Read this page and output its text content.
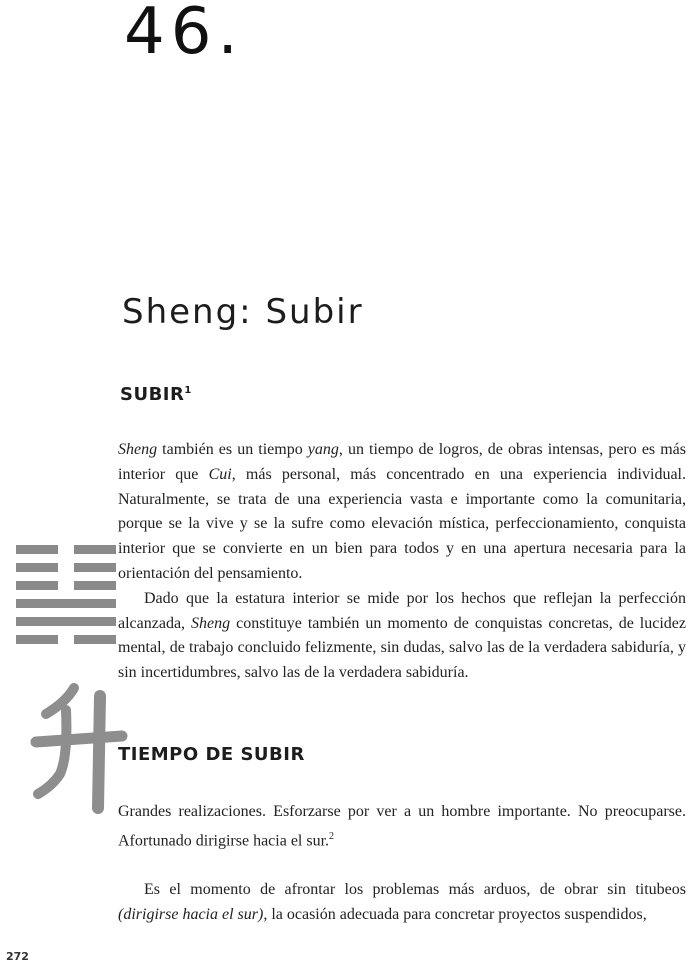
46.
Sheng: Subir
SUBIR$^1$

Sheng también es un tiempo yang, un tiempo de logros, de obras intensas, pero es más interior que Cui, más personal, más concentrado en una experiencia individual. Naturalmente, se trata de una experiencia vasta e importante como la comunitaria, porque se la vive y se la sufre como elevación mística, perfeccionamiento, conquista interior que se convierte en un bien para todos y en una apertura necesaria para la orientación del pensamiento.

Dado que la estatura interior se mide por los hechos que reflejan la perfección alcanzada, Sheng constituye también un momento de conquistas concretas, de lucidez mental, de trabajo concluido felizmente, sin dudas, salvo las de la verdadera sabiduría, y sin incertidumbres, salvo las de la verdadera sabiduría.

TIEMPO DE SUBIR

Grandes realizaciones. Esforzarse por ver a un hombre importante. No preocuparse. Afortunado dirigirse hacia el sur.$^2$

Es el momento de afrontar los problemas más arduos, de obrar sin titubeos (dirigirse hacia el sur), la ocasión adecuada para concretar proyectos suspendidos,

272
